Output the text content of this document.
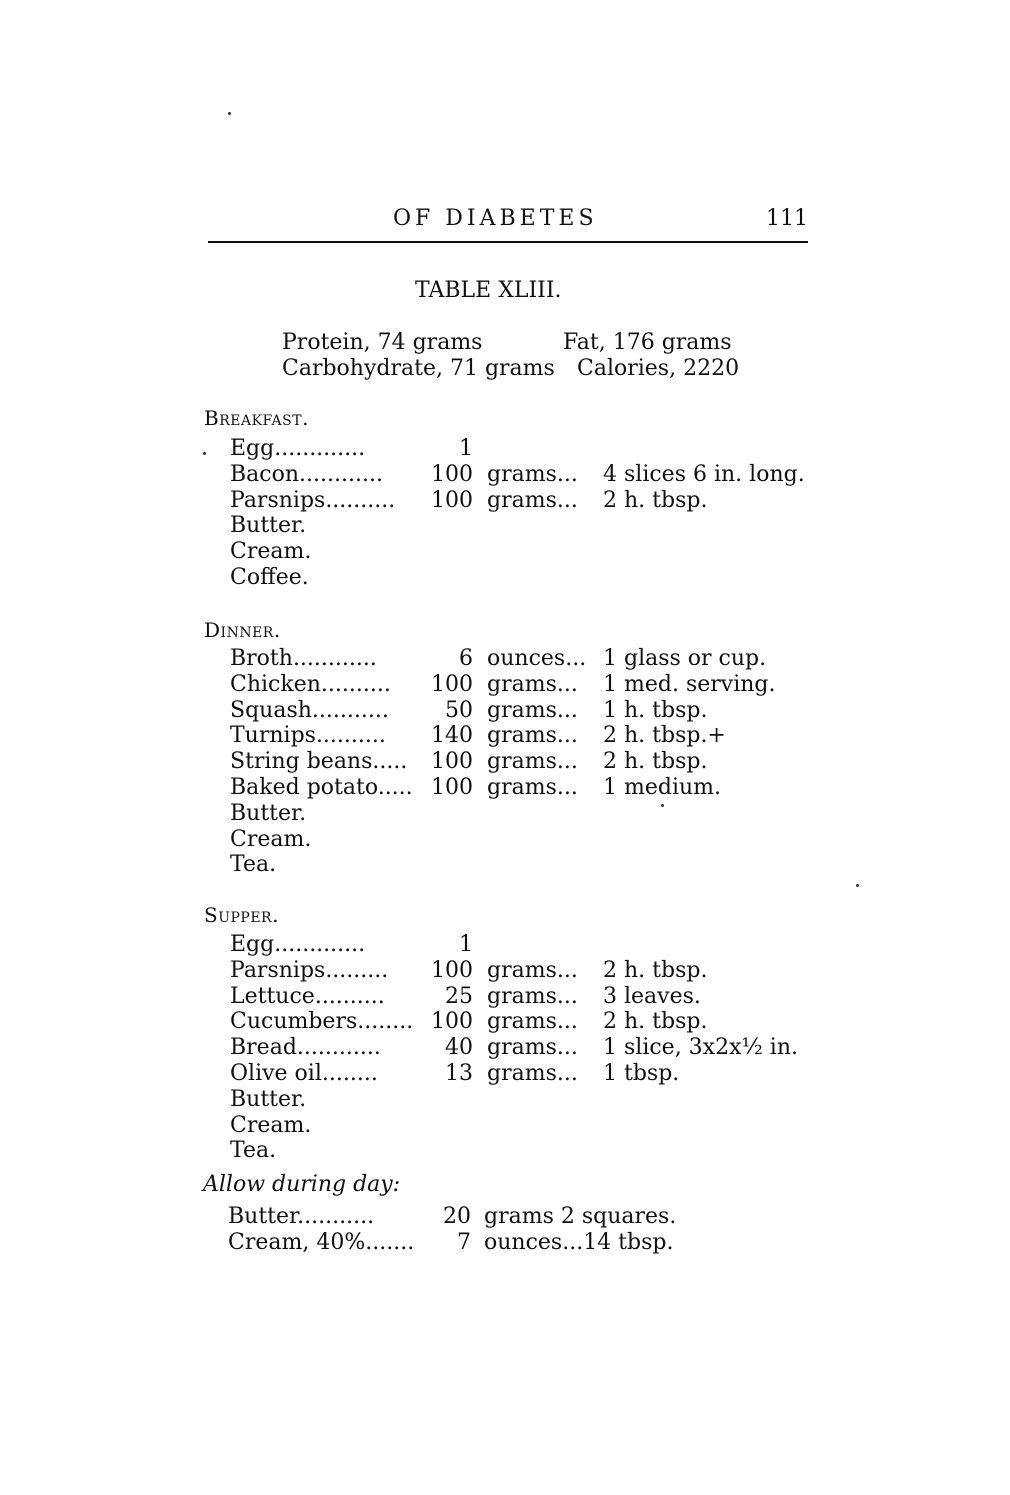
OF DIABETES	111
TABLE XLIII.
Protein, 74 grams	Fat, 176 grams
Carbohydrate, 71 grams Calories, 2220
Breakfast.
Egg.............	1
Bacon............ 100 grams... 4 slices 6 in. long.
Parsnips.......... 100 grams... 2 h. tbsp.
Butter.
Cream.
Coffee.
Dinner.
Broth............	6 ounces... 1 glass or cup.
Chicken.......... 100 grams... 1 med. serving.
Squash...........	50 grams... 1 h. tbsp.
Turnips.......... 140 grams... 2 h. tbsp.+
String beans..... 100 grams... 2 h. tbsp.
Baked potato..... 100 grams... 1 medium.
Butter.
Cream.
Tea.
Supper.
Egg.............	1
Parsnips......... 100 grams... 2 h. tbsp.
Lettuce..........	25 grams... 3 leaves.
Cucumbers........ 100 grams... 2 h. tbsp.
Bread............	40 grams... 1 slice, 3x2x½ in.
Olive oil........	13 grams... 1 tbsp.
Butter.
Cream.
Tea.
Allow during day:
Butter...........	20 grams 2 squares.
Cream, 40%....... 7 ounces...14 tbsp.
